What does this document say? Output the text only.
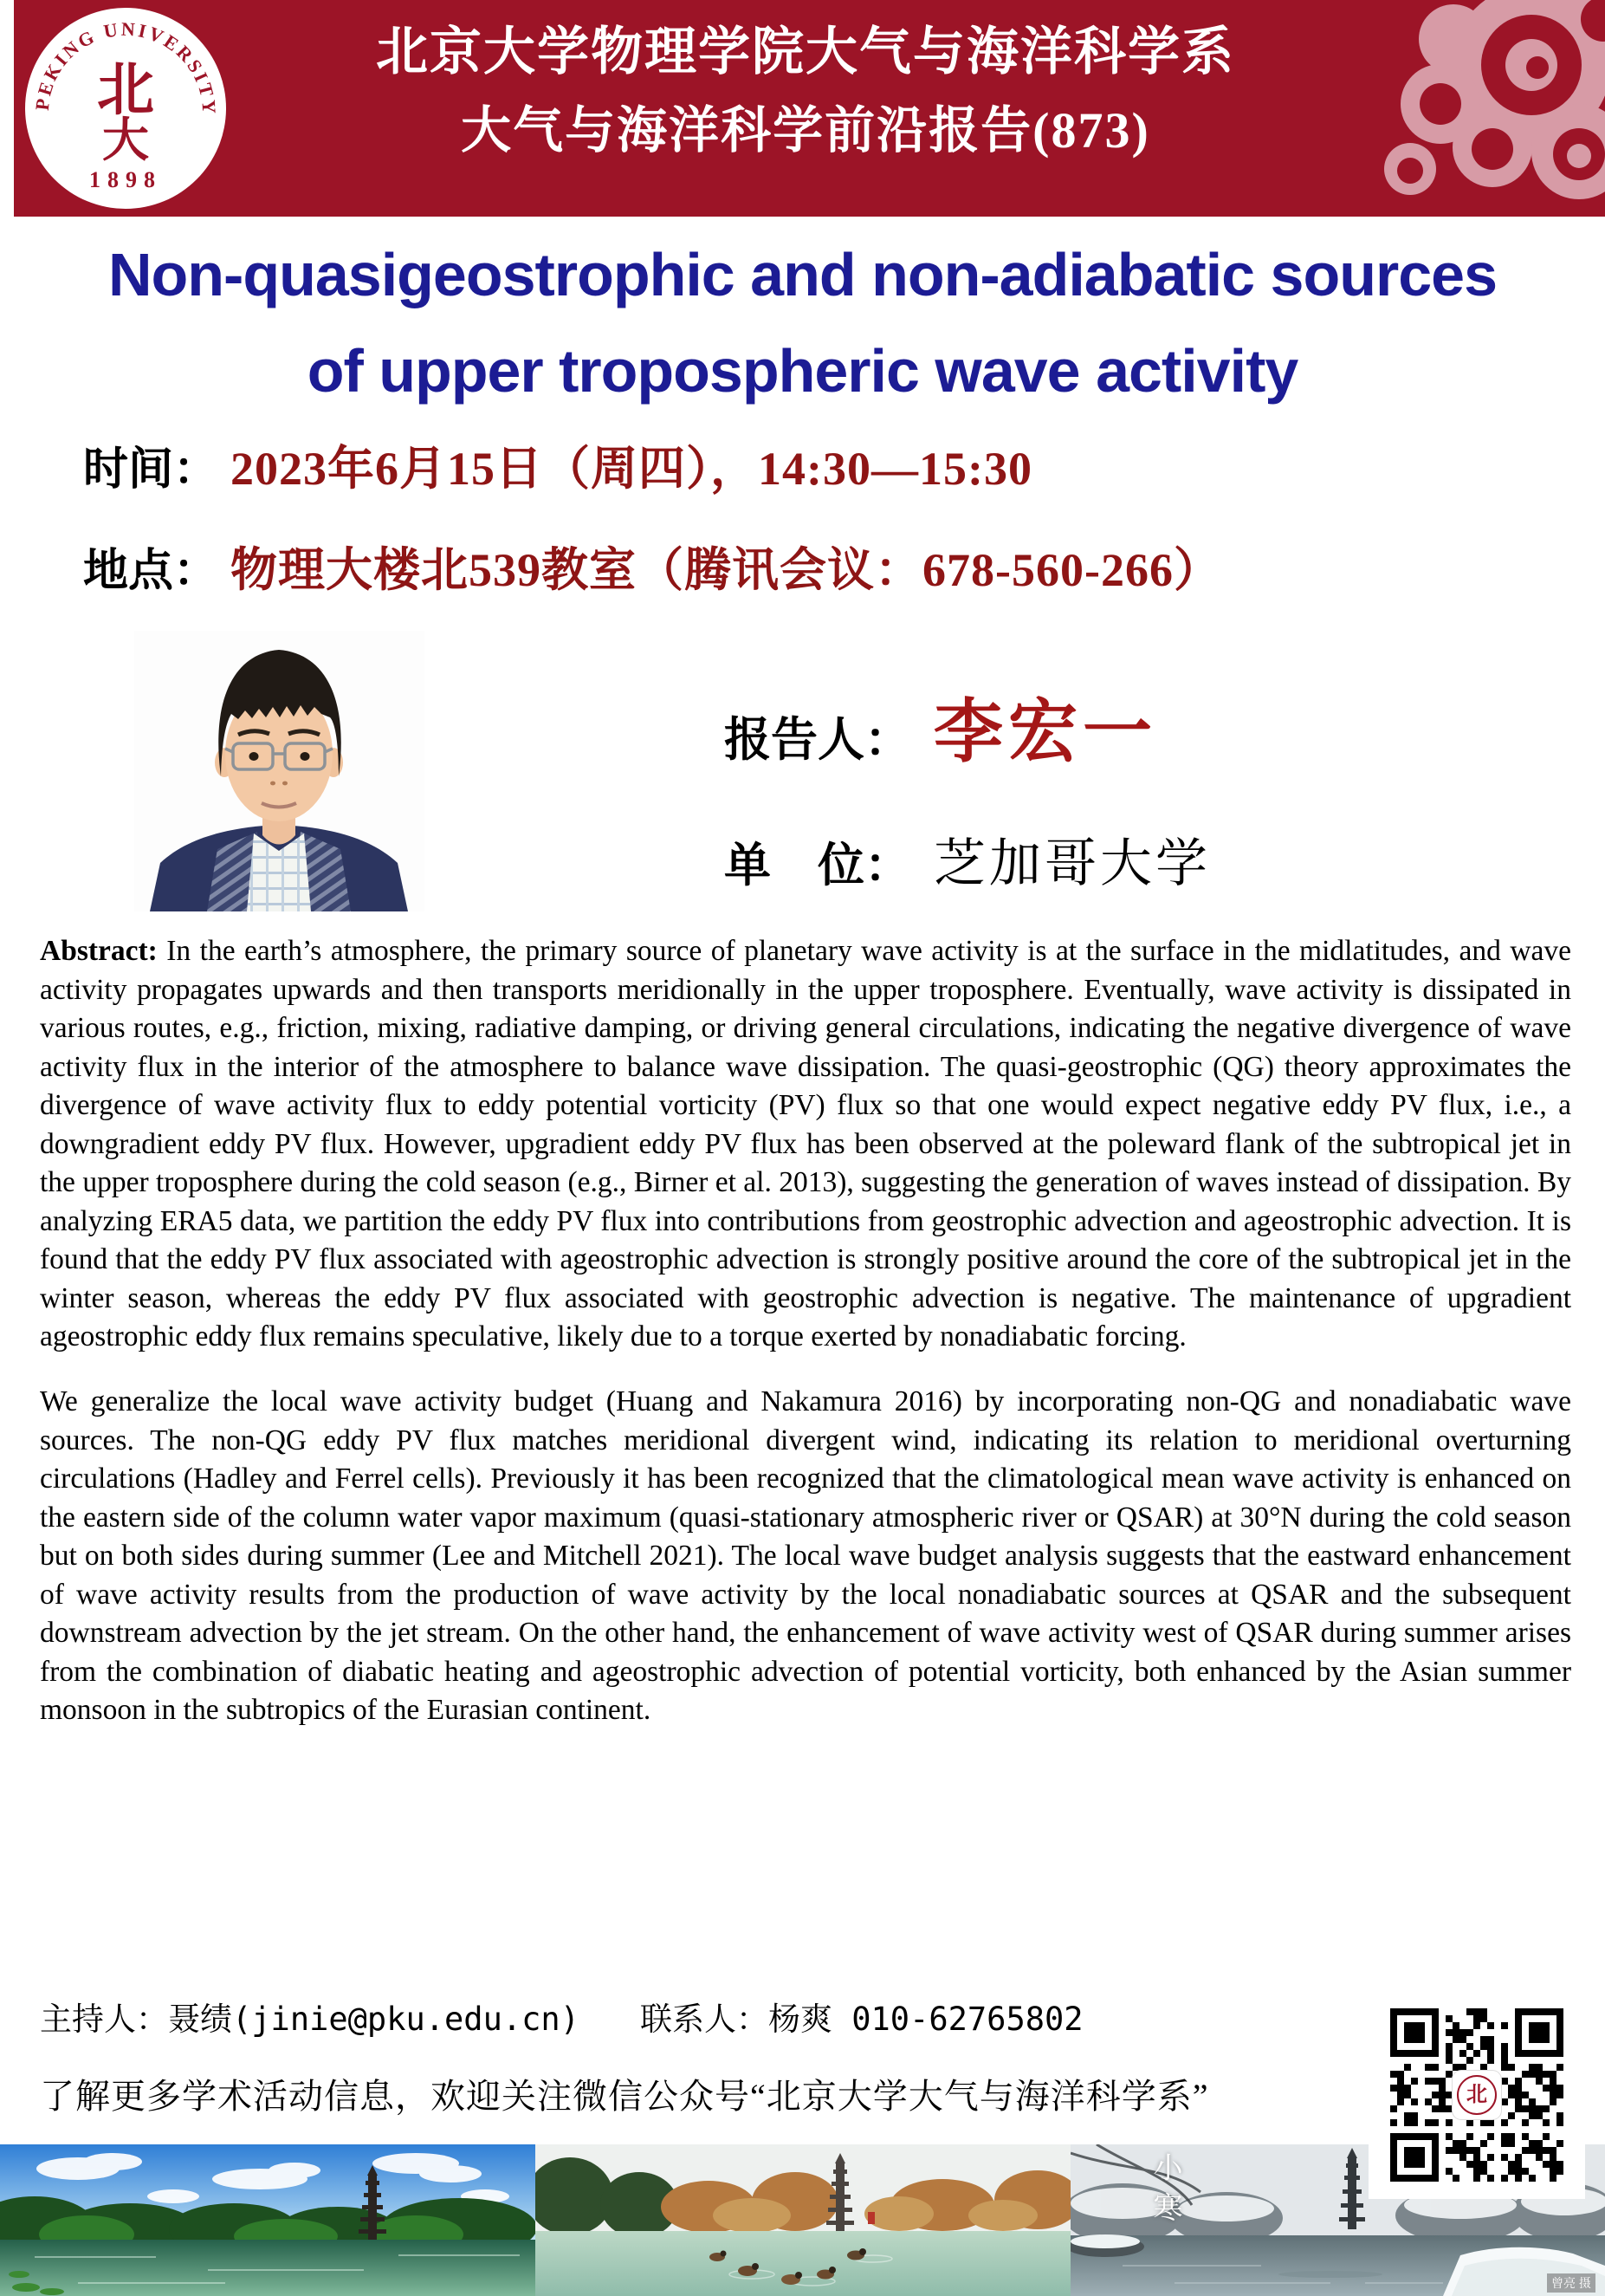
PEKING UNIVERSITY
1898
北
大
北京大学物理学院大气与海洋科学系
大气与海洋科学前沿报告(873)
Non-quasigeostrophic and non-adiabatic sources
of upper tropospheric wave activity
时间： 2023年6月15日（周四），14:30—15:30
地点： 物理大楼北539教室（腾讯会议：678-560-266）
报告人： 李宏一
单　位： 芝加哥大学

Abstract: In the earth’s atmosphere, the primary source of planetary wave activity is at the surface in the midlatitudes, and wave activity propagates upwards and then transports meridionally in the upper troposphere. Eventually, wave activity is dissipated in various routes, e.g., friction, mixing, radiative damping, or driving general circulations, indicating the negative divergence of wave activity flux in the interior of the atmosphere to balance wave dissipation. The quasi-geostrophic (QG) theory approximates the divergence of wave activity flux to eddy potential vorticity (PV) flux so that one would expect negative eddy PV flux, i.e., a downgradient eddy PV flux. However, upgradient eddy PV flux has been observed at the poleward flank of the subtropical jet in the upper troposphere during the cold season (e.g., Birner et al. 2013), suggesting the generation of waves instead of dissipation. By analyzing ERA5 data, we partition the eddy PV flux into contributions from geostrophic advection and ageostrophic advection. It is found that the eddy PV flux associated with ageostrophic advection is strongly positive around the core of the subtropical jet in the winter season, whereas the eddy PV flux associated with geostrophic advection is negative. The maintenance of upgradient ageostrophic eddy flux remains speculative, likely due to a torque exerted by nonadiabatic forcing.

We generalize the local wave activity budget (Huang and Nakamura 2016) by incorporating non-QG and nonadiabatic wave sources. The non-QG eddy PV flux matches meridional divergent wind, indicating its relation to meridional overturning circulations (Hadley and Ferrel cells). Previously it has been recognized that the climatological mean wave activity is enhanced on the eastern side of the column water vapor maximum (quasi-stationary atmospheric river or QSAR) at 30°N during the cold season but on both sides during summer (Lee and Mitchell 2021). The local wave budget analysis suggests that the eastward enhancement of wave activity results from the production of wave activity by the local nonadiabatic sources at QSAR and the subsequent downstream advection by the jet stream. On the other hand, the enhancement of wave activity west of QSAR during summer arises from the combination of diabatic heating and ageostrophic advection of potential vorticity, both enhanced by the Asian summer monsoon in the subtropics of the Eurasian continent.

主持人：聂绩(jinie@pku.edu.cn) 联系人：杨爽 010-62765802
了解更多学术活动信息，欢迎关注微信公众号“北京大学大气与海洋科学系”
小寒
曾亮 摄
北
